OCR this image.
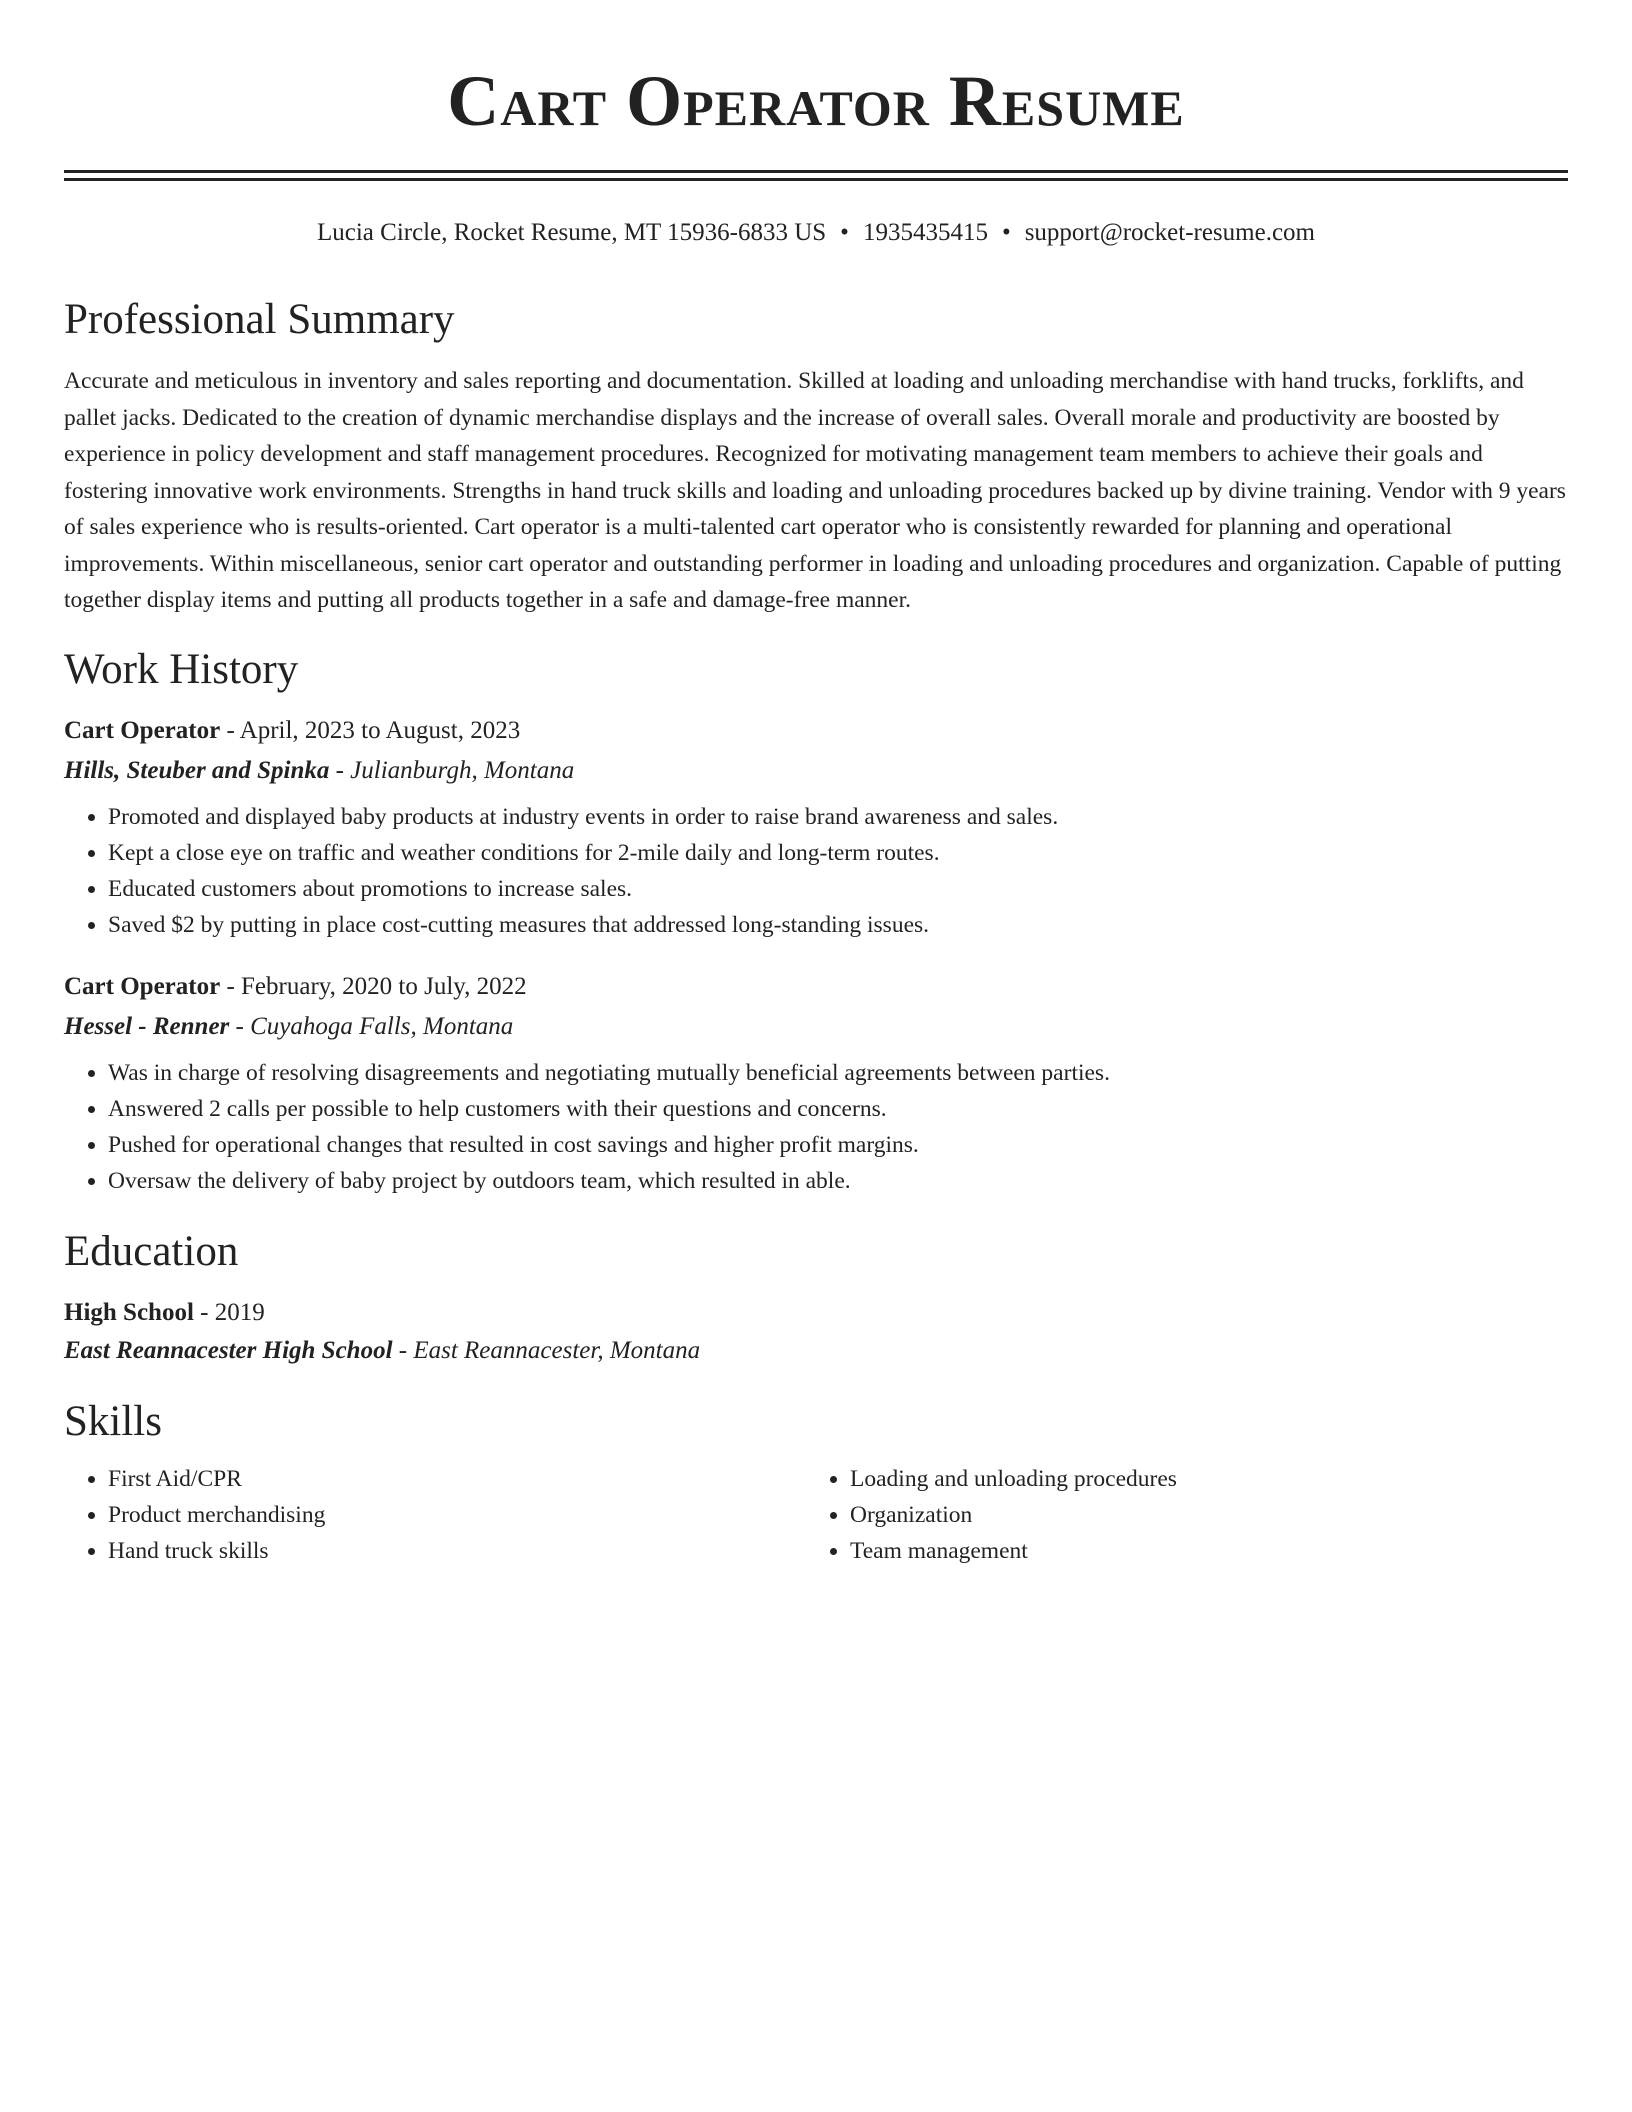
Cart Operator Resume
Lucia Circle, Rocket Resume, MT 15936-6833 US • 1935435415 • support@rocket-resume.com
Professional Summary
Accurate and meticulous in inventory and sales reporting and documentation. Skilled at loading and unloading merchandise with hand trucks, forklifts, and pallet jacks. Dedicated to the creation of dynamic merchandise displays and the increase of overall sales. Overall morale and productivity are boosted by experience in policy development and staff management procedures. Recognized for motivating management team members to achieve their goals and fostering innovative work environments. Strengths in hand truck skills and loading and unloading procedures backed up by divine training. Vendor with 9 years of sales experience who is results-oriented. Cart operator is a multi-talented cart operator who is consistently rewarded for planning and operational improvements. Within miscellaneous, senior cart operator and outstanding performer in loading and unloading procedures and organization. Capable of putting together display items and putting all products together in a safe and damage-free manner.
Work History
Cart Operator - April, 2023 to August, 2023
Hills, Steuber and Spinka - Julianburgh, Montana
• Promoted and displayed baby products at industry events in order to raise brand awareness and sales.
• Kept a close eye on traffic and weather conditions for 2-mile daily and long-term routes.
• Educated customers about promotions to increase sales.
• Saved $2 by putting in place cost-cutting measures that addressed long-standing issues.
Cart Operator - February, 2020 to July, 2022
Hessel - Renner - Cuyahoga Falls, Montana
• Was in charge of resolving disagreements and negotiating mutually beneficial agreements between parties.
• Answered 2 calls per possible to help customers with their questions and concerns.
• Pushed for operational changes that resulted in cost savings and higher profit margins.
• Oversaw the delivery of baby project by outdoors team, which resulted in able.
Education
High School - 2019
East Reannacester High School - East Reannacester, Montana
Skills
• First Aid/CPR
• Product merchandising
• Hand truck skills
• Loading and unloading procedures
• Organization
• Team management
